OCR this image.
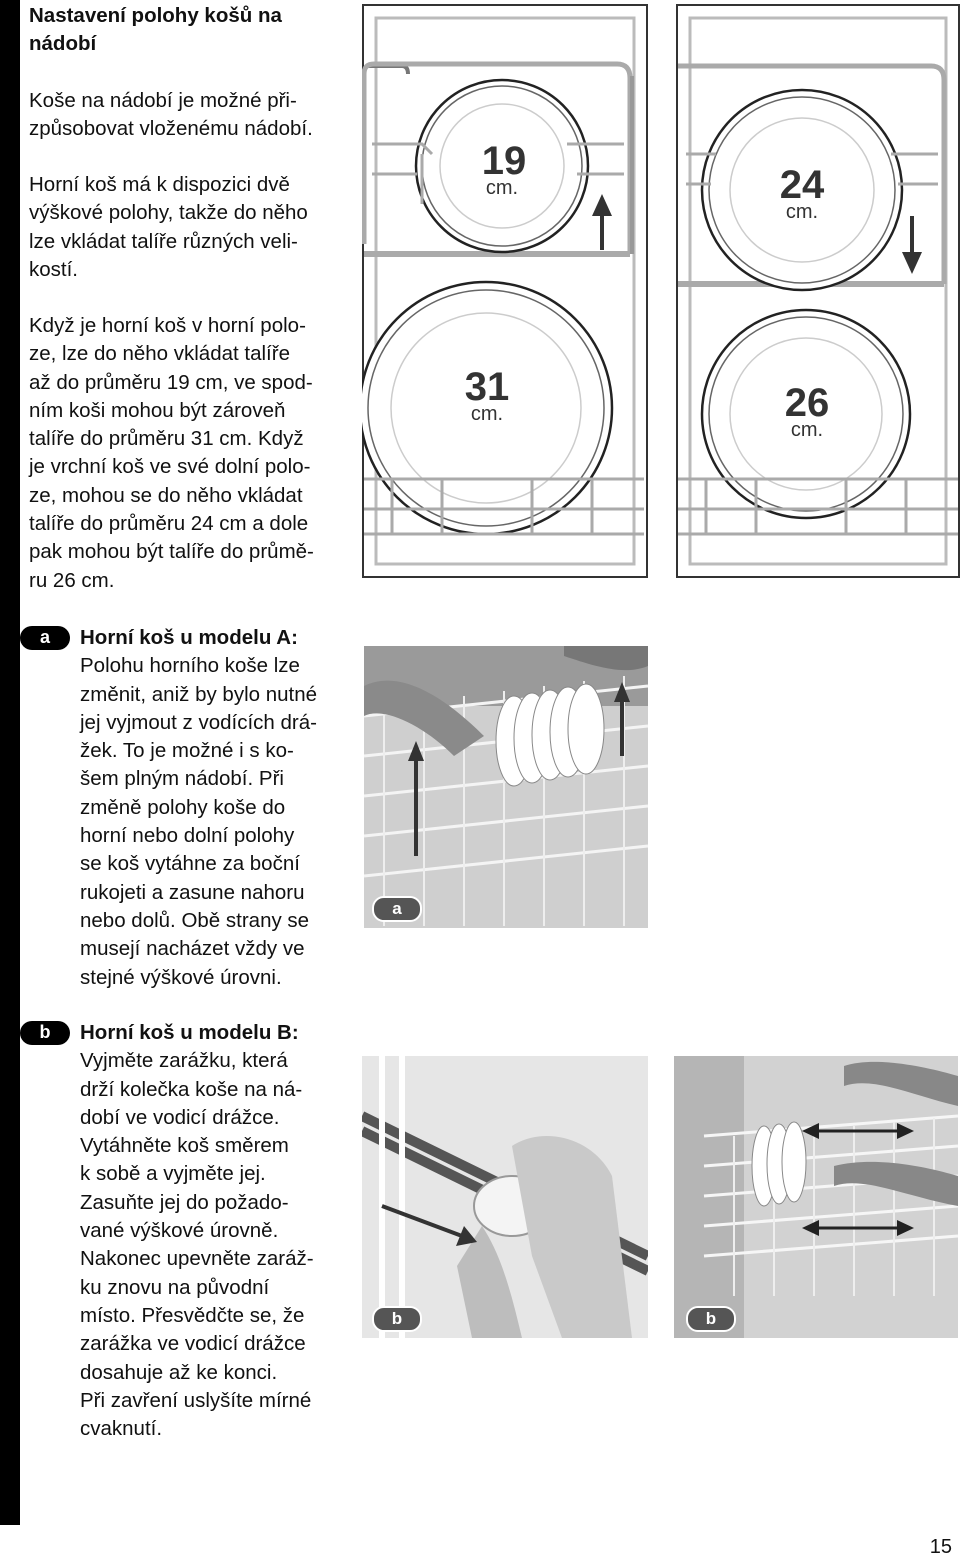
Nastavení polohy košů na nádobí

Koše na nádobí je možné při-

způsobovat vloženému nádobí.

Horní koš má k dispozici dvě

výškové polohy, takže do něho

lze vkládat talíře různých veli-

kostí.

Když je horní koš v horní polo-

ze, lze do něho vkládat talíře

až do průměru 19 cm, ve spod-

ním koši mohou být zároveň

talíře do průměru 31 cm. Když

je vrchní koš ve své dolní polo-

ze, mohou se do něho vkládat

talíře do průměru 24 cm a dole

pak mohou být talíře do průmě-

ru 26 cm.

19
cm.
31
cm.
24
cm.
26
cm.
a	Horní koš u modelu A:

Polohu horního koše lze

změnit, aniž by bylo nutné

jej vyjmout z vodících drá-

žek. To je možné i s ko-

šem plným nádobí. Při

změně polohy koše do

horní nebo dolní polohy

se koš vytáhne za boční

rukojeti a zasune nahoru

nebo dolů. Obě strany se

musejí nacházet vždy ve

stejné výškové úrovni.

a
b	Horní koš u modelu B:

Vyjměte zarážku, která

drží kolečka koše na ná-

dobí ve vodicí drážce.

Vytáhněte koš směrem

k sobě a vyjměte jej.

Zasuňte jej do požado-

vané výškové úrovně.

Nakonec upevněte zaráž-

ku znovu na původní

místo. Přesvědčte se, že

zarážka ve vodicí drážce

dosahuje až ke konci.

Při zavření uslyšíte mírné

cvaknutí.

b	b
15
